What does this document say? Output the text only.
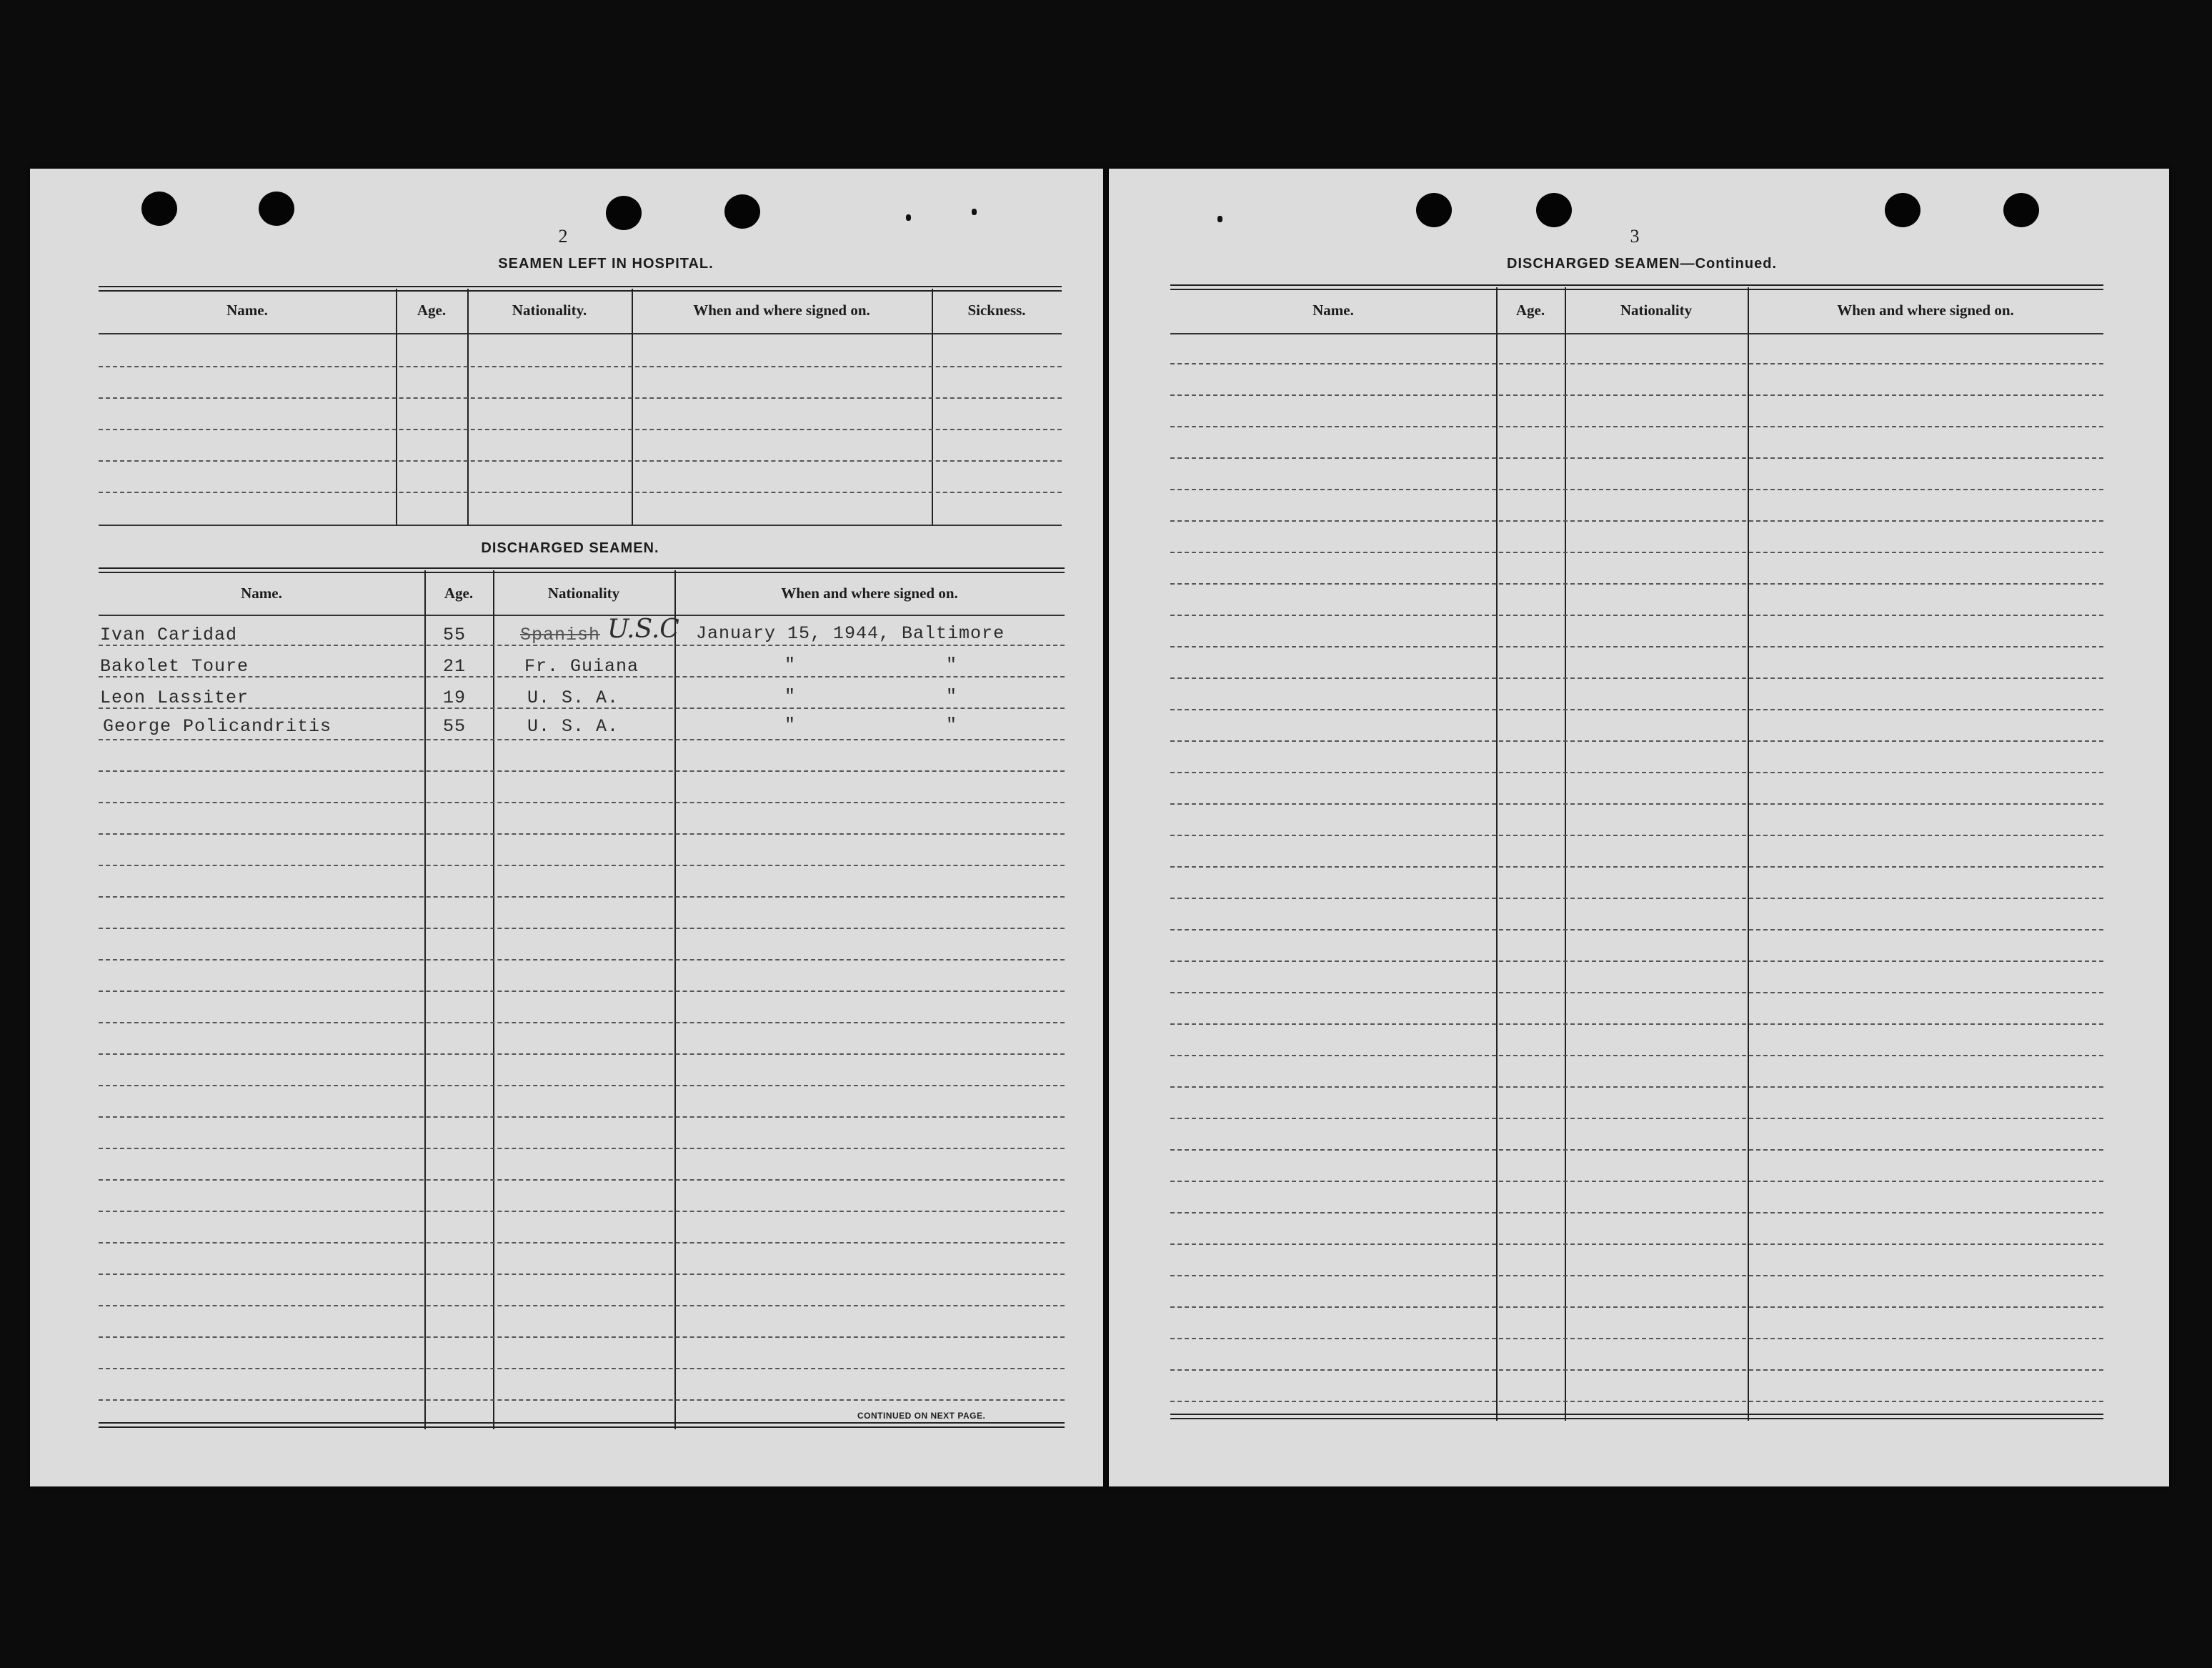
2
SEAMEN LEFT IN HOSPITAL.
Name.	Age.	Nationality.	When and where signed on.	Sickness.
DISCHARGED SEAMEN.
Name.	Age.	Nationality	When and where signed on.
Ivan Caridad	55	Spanish U.S.C January 15, 1944, Baltimore
Bakolet Toure	21	Fr. Guiana	"	"
Leon Lassiter	19	U. S. A.	"	"
George Policandritis	55	U. S. A.	"	"
CONTINUED ON NEXT PAGE.
3
DISCHARGED SEAMEN—Continued.
Name.	Age.	Nationality	When and where signed on.
